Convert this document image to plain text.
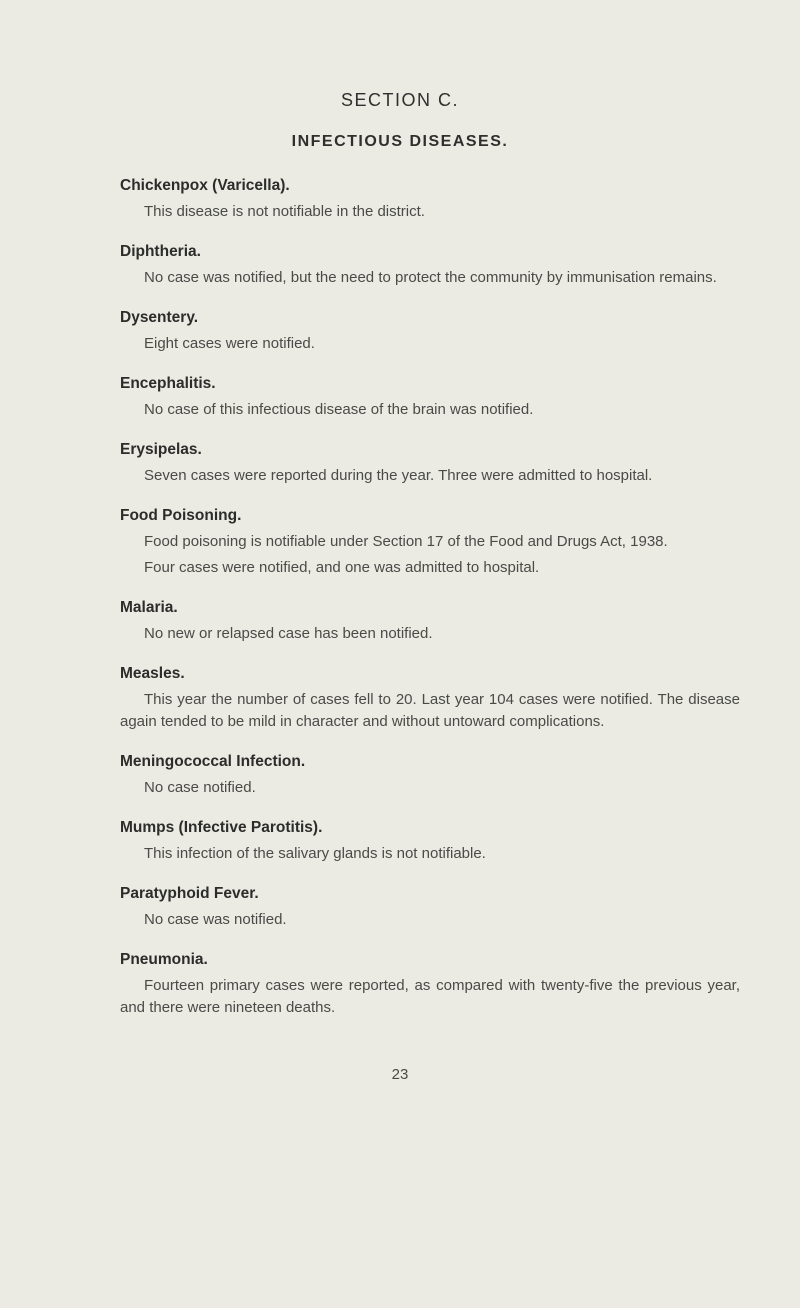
SECTION C.
INFECTIOUS DISEASES.

Chickenpox (Varicella).

This disease is not notifiable in the district.

Diphtheria.

No case was notified, but the need to protect the community by immunisation remains.

Dysentery.

Eight cases were notified.

Encephalitis.

No case of this infectious disease of the brain was notified.

Erysipelas.

Seven cases were reported during the year. Three were admitted to hospital.

Food Poisoning.

Food poisoning is notifiable under Section 17 of the Food and Drugs Act, 1938.

Four cases were notified, and one was admitted to hospital.

Malaria.

No new or relapsed case has been notified.

Measles.

This year the number of cases fell to 20. Last year 104 cases were notified. The disease again tended to be mild in character and without untoward complications.

Meningococcal Infection.

No case notified.

Mumps (Infective Parotitis).

This infection of the salivary glands is not notifiable.

Paratyphoid Fever.

No case was notified.

Pneumonia.

Fourteen primary cases were reported, as compared with twenty-five the previous year, and there were nineteen deaths.

23
